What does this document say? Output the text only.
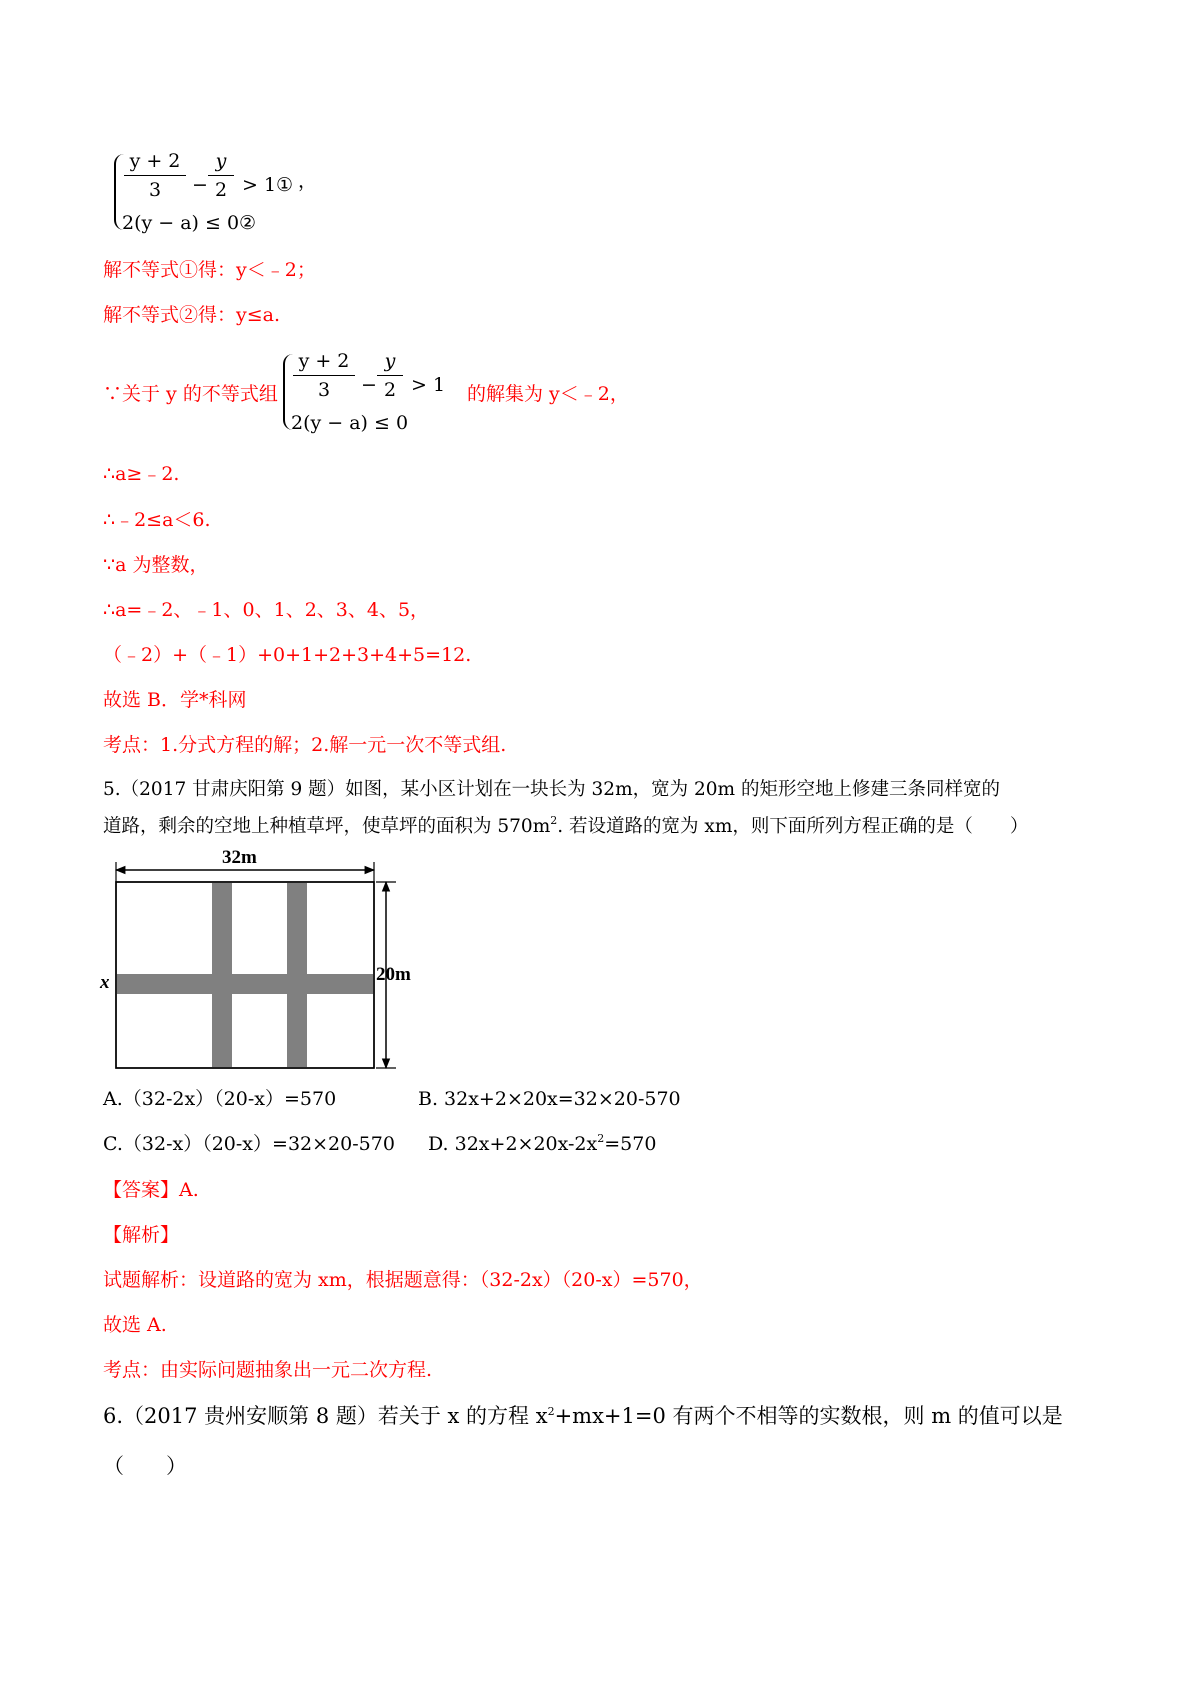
y + 2
3	−
y
2 > 1① ，
2(y − a) ≤ 0②
解不等式①得：y＜﹣2；
解不等式②得：y≤a.
∵关于 y 的不等式组
y + 2
3	−
y
2 > 1
2(y − a) ≤ 0
的解集为 y＜﹣2，
∴a≥﹣2.
∴﹣2≤a＜6.
∵a 为整数，
∴a=﹣2、﹣1、0、1、2、3、4、5，
（﹣2）+（﹣1）+0+1+2+3+4+5=12.
故选 B．学*科网
考点：1.分式方程的解；2.解一元一次不等式组.
5.（2017 甘肃庆阳第 9 题）如图，某小区计划在一块长为 32m，宽为 20m 的矩形空地上修建三条同样宽的
道路，剩余的空地上种植草坪，使草坪的面积为 $570m^2$. 若设道路的宽为 xm，则下面所列方程正确的是（　　）
32m
20m
x
A.（32-2x）（20-x）=570	B. 32x+2×20x=32×20-570
C.（32-x）（20-x）=32×20-570 D. $32x+2\times 20x-2x^2=570$
【答案】A.
【解析】
试题解析：设道路的宽为 xm，根据题意得：（32-2x）（20-x）=570，
故选 A.
考点：由实际问题抽象出一元二次方程.
6.（2017 贵州安顺第 8 题）若关于 x 的方程 $x^2+mx+1=0$ 有两个不相等的实数根，则 m 的值可以是
（　　）
